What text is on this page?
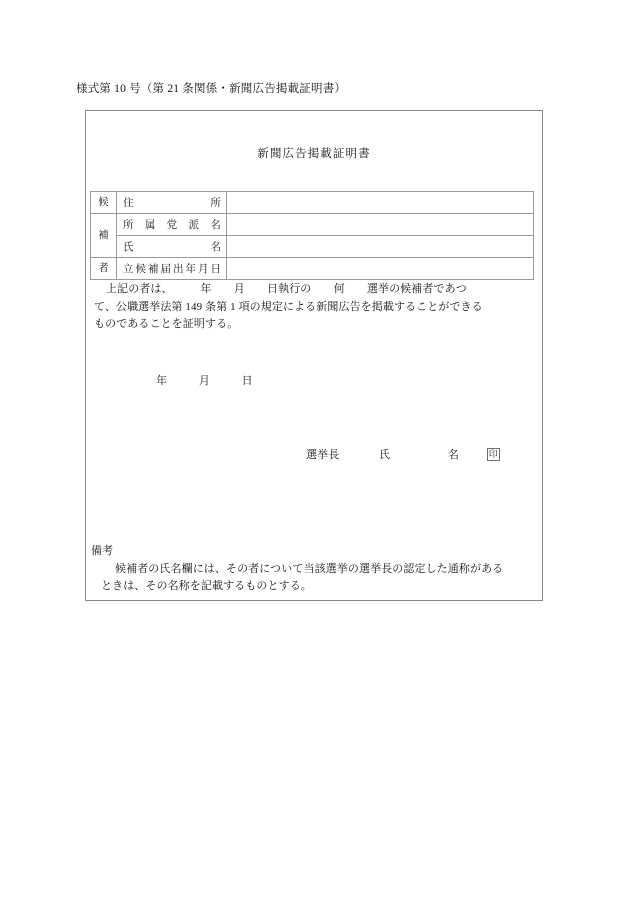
様式第 10 号（第 21 条関係・新聞広告掲載証明書）
新聞広告掲載証明書
候	住 所	

補	所 属 党 派 名	

	氏 名	

者	立 候 補 届 出 年 月 日

上記の者は、　　　年　　月　　日執行の　　何　　選挙の候補者であつ

て、公職選挙法第 149 条第 1 項の規定による新聞広告を掲載することができる

ものであることを証明する。

年	月	日
選挙長	氏	名	印

備考

候補者の氏名欄には、その者について当該選挙の選挙長の認定した通称がある
ときは、その名称を記載するものとする。
